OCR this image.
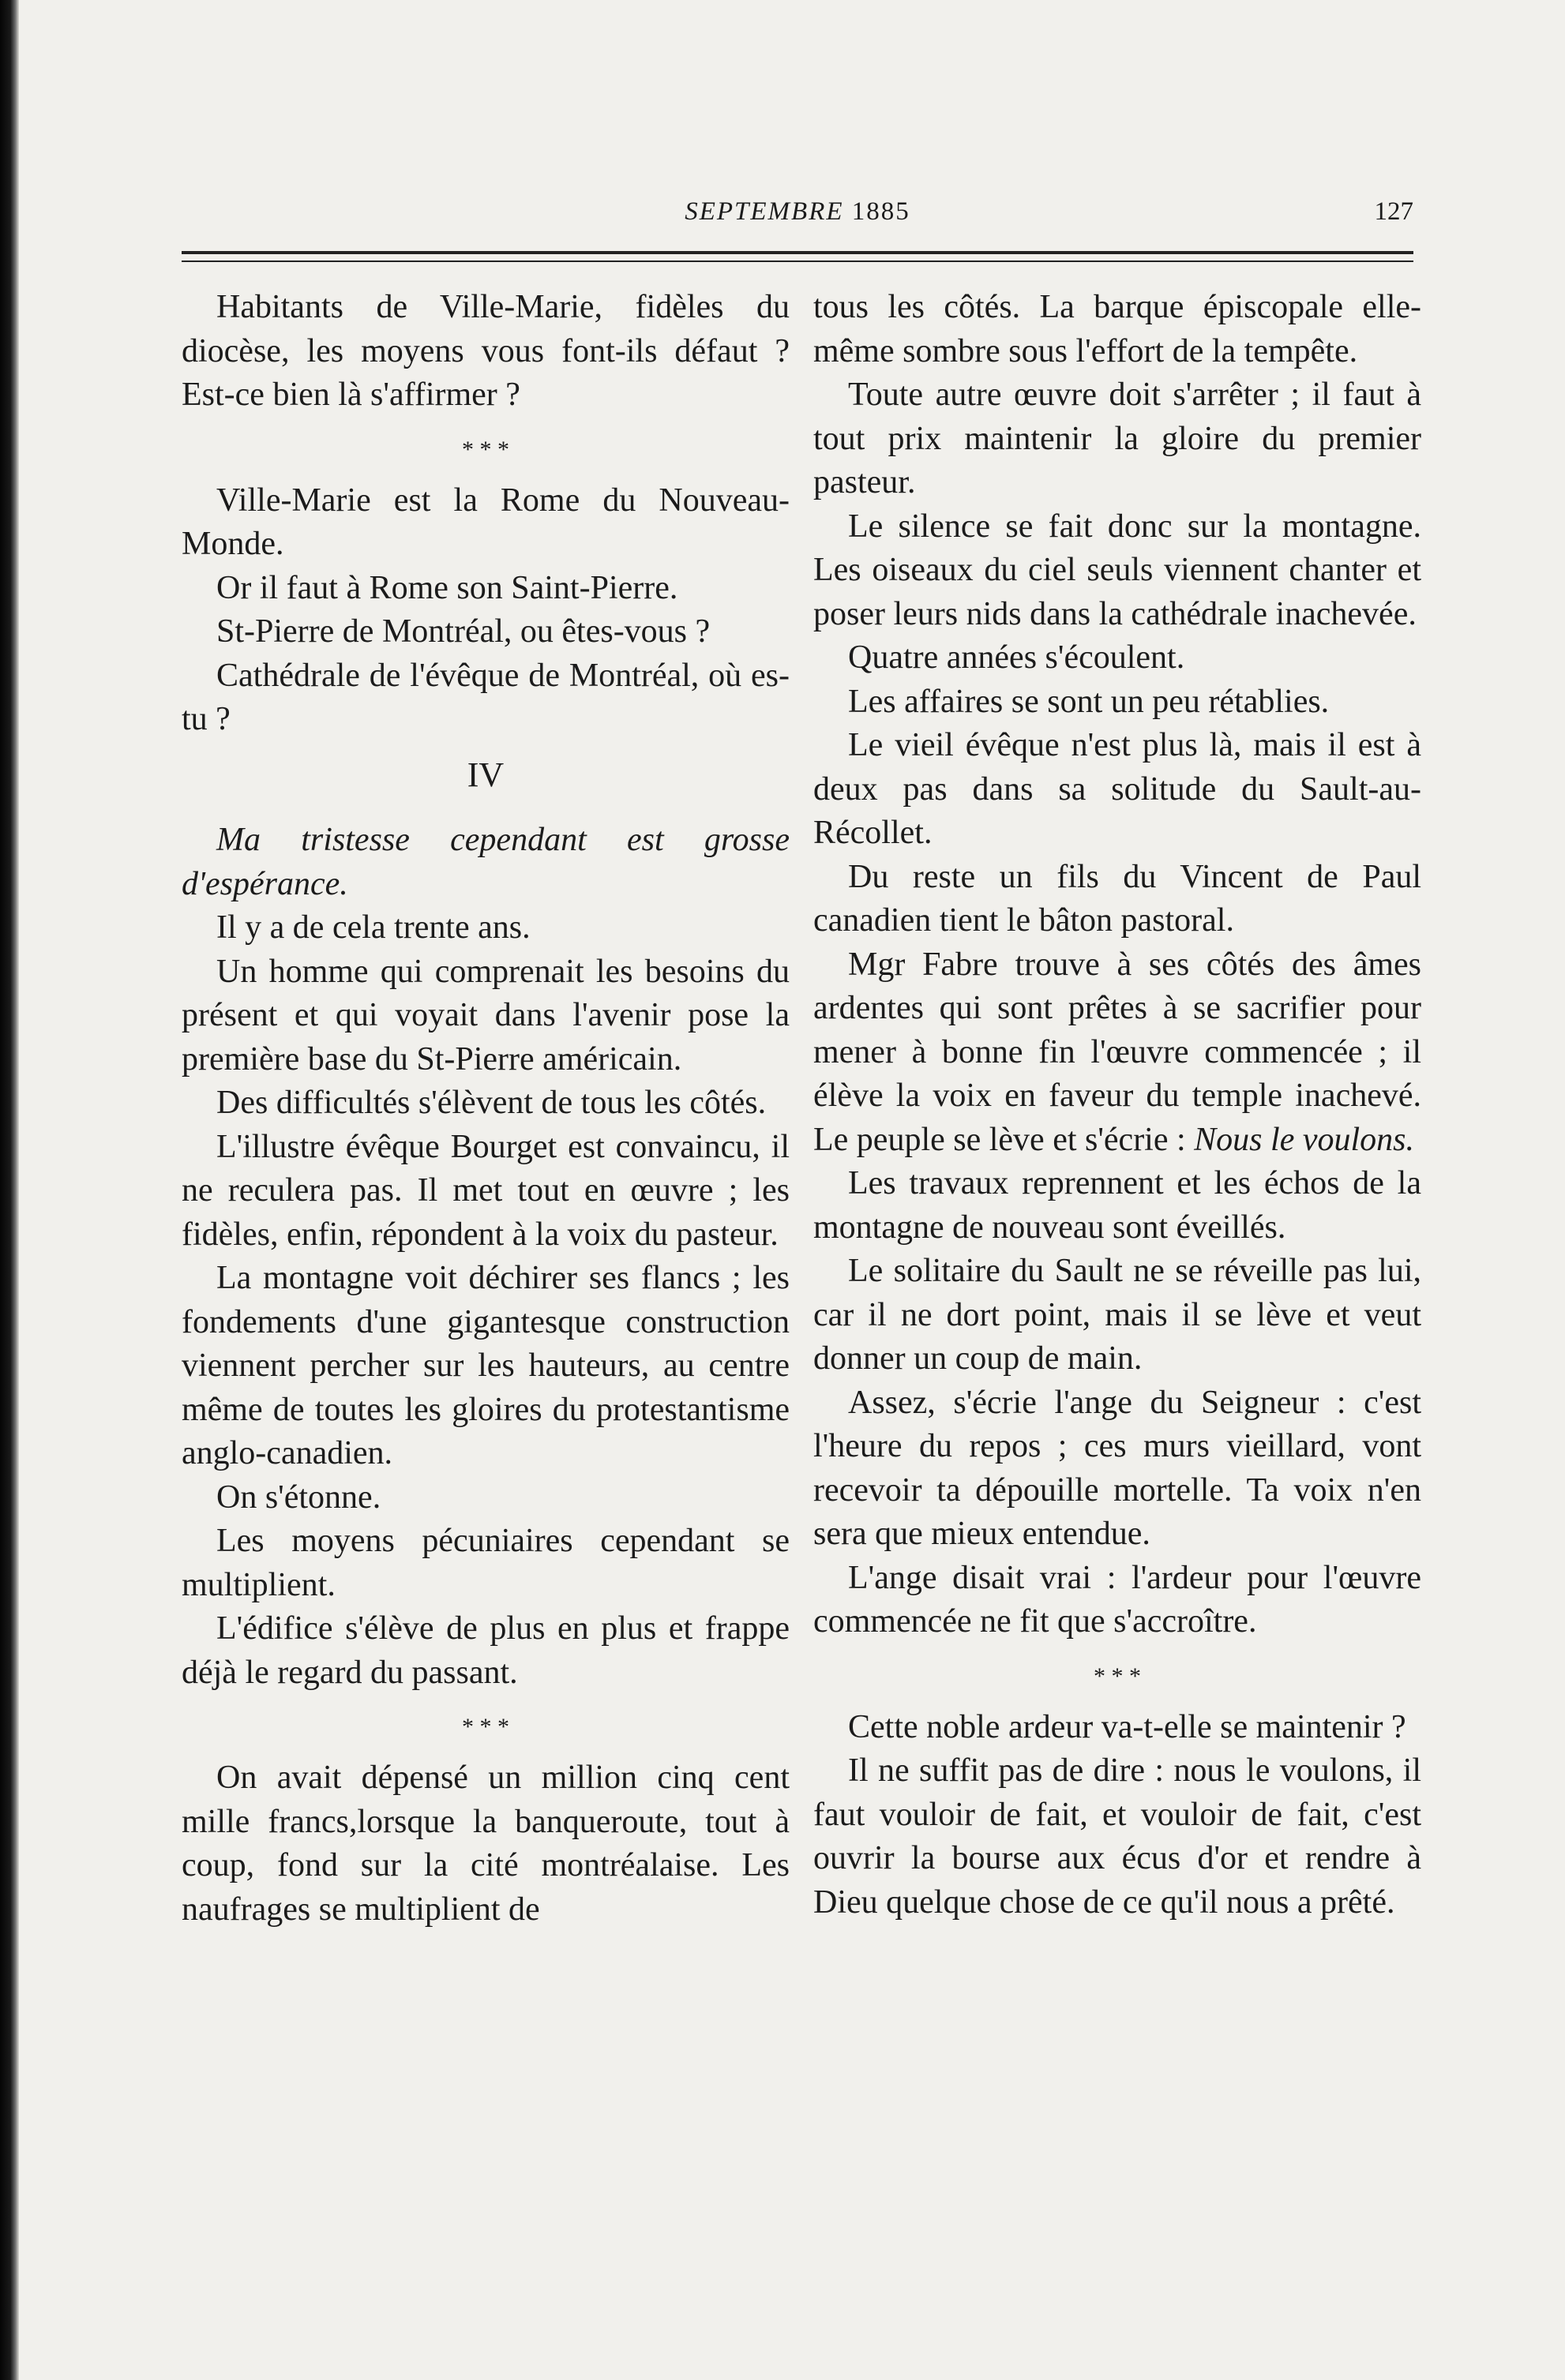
SEPTEMBRE 1885	127

Habitants de Ville-Marie, fidèles du diocèse, les moyens vous font-ils défaut ? Est-ce bien là s'affirmer ?

* * *

Ville-Marie est la Rome du Nouveau-Monde.

Or il faut à Rome son Saint-Pierre.

St-Pierre de Montréal, ou êtes-vous ?

Cathédrale de l'évêque de Montréal, où es-tu ?

IV

Ma tristesse cependant est grosse d'espérance.

Il y a de cela trente ans.

Un homme qui comprenait les besoins du présent et qui voyait dans l'avenir pose la première base du St-Pierre américain.

Des difficultés s'élèvent de tous les côtés.

L'illustre évêque Bourget est convaincu, il ne reculera pas. Il met tout en œuvre ; les fidèles, enfin, répondent à la voix du pasteur.

La montagne voit déchirer ses flancs ; les fondements d'une gigantesque construction viennent percher sur les hauteurs, au centre même de toutes les gloires du protestantisme anglo-canadien.

On s'étonne.

Les moyens pécuniaires cependant se multiplient.

L'édifice s'élève de plus en plus et frappe déjà le regard du passant.

* * *

On avait dépensé un million cinq cent mille francs,lorsque la banqueroute, tout à coup, fond sur la cité montréalaise. Les naufrages se multiplient de

tous les côtés. La barque épiscopale elle-même sombre sous l'effort de la tempête.

Toute autre œuvre doit s'arrêter ; il faut à tout prix maintenir la gloire du premier pasteur.

Le silence se fait donc sur la montagne. Les oiseaux du ciel seuls viennent chanter et poser leurs nids dans la cathédrale inachevée.

Quatre années s'écoulent.

Les affaires se sont un peu rétablies.

Le vieil évêque n'est plus là, mais il est à deux pas dans sa solitude du Sault-au-Récollet.

Du reste un fils du Vincent de Paul canadien tient le bâton pastoral.

Mgr Fabre trouve à ses côtés des âmes ardentes qui sont prêtes à se sacrifier pour mener à bonne fin l'œuvre commencée ; il élève la voix en faveur du temple inachevé. Le peuple se lève et s'écrie : Nous le voulons.

Les travaux reprennent et les échos de la montagne de nouveau sont éveillés.

Le solitaire du Sault ne se réveille pas lui, car il ne dort point, mais il se lève et veut donner un coup de main.

Assez, s'écrie l'ange du Seigneur : c'est l'heure du repos ; ces murs vieillard, vont recevoir ta dépouille mortelle. Ta voix n'en sera que mieux entendue.

L'ange disait vrai : l'ardeur pour l'œuvre commencée ne fit que s'accroître.

* * *

Cette noble ardeur va-t-elle se maintenir ?

Il ne suffit pas de dire : nous le voulons, il faut vouloir de fait, et vouloir de fait, c'est ouvrir la bourse aux écus d'or et rendre à Dieu quelque chose de ce qu'il nous a prêté.
